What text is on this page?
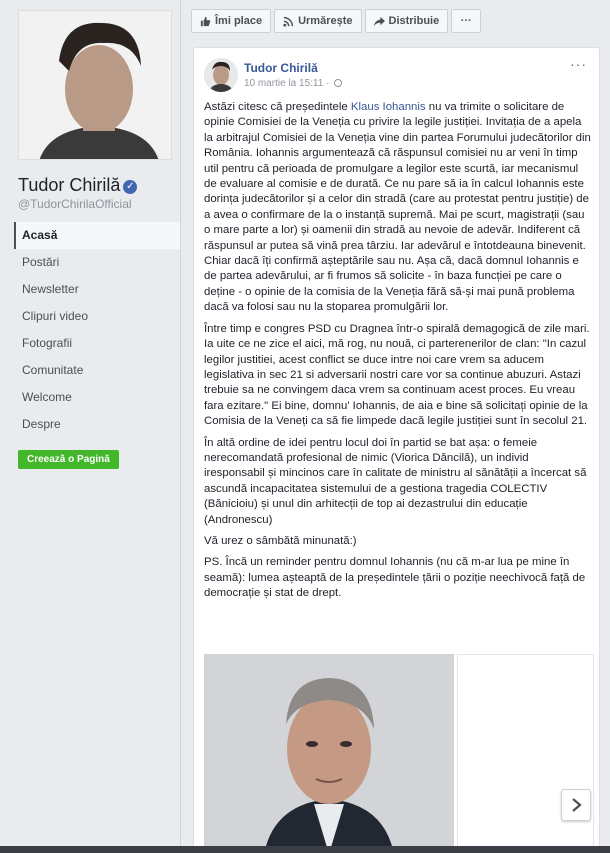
Tudor Chirilă ✓
@TudorChirilaOfficial
Acasă
Postări
Newsletter
Clipuri video
Fotografii
Comunitate
Welcome
Despre
Creează o Pagină
Îmi place	Urmărește	Distribuie	···
Tudor Chirilă
10 martie la 15:11 ·
···

Astăzi citesc că președintele Klaus Iohannis nu va trimite o solicitare de opinie Comisiei de la Veneția cu privire la legile justiției. Invitația de a apela la arbitrajul Comisiei de la Veneția vine din partea Forumului judecătorilor din România. Iohannis argumentează că răspunsul comisiei nu ar veni în timp util pentru că perioada de promulgare a legilor este scurtă, iar mecanismul de evaluare al comisie e de durată. Ce nu pare să ia în calcul Iohannis este dorința judecătorilor și a celor din stradă (care au protestat pentru justiție) de a avea o confirmare de la o instanță supremă. Mai pe scurt, magistrații (sau o mare parte a lor) și oamenii din stradă au nevoie de adevăr. Indiferent că răspunsul ar putea să vină prea târziu. Iar adevărul e întotdeauna binevenit. Chiar dacă îți confirmă așteptările sau nu. Așa că, dacă domnul Iohannis e de partea adevărului, ar fi frumos să solicite - în baza funcției pe care o deține - o opinie de la comisia de la Veneția fără să-și mai pună problema dacă va folosi sau nu la stoparea promulgării lor.

Între timp e congres PSD cu Dragnea într-o spirală demagogică de zile mari. Ia uite ce ne zice el aici, mă rog, nu nouă, ci parterenerilor de clan: "In cazul legilor justitiei, acest conflict se duce intre noi care vrem sa aducem legislativa in sec 21 si adversarii nostri care vor sa continue abuzuri. Astazi trebuie sa ne convingem daca vrem sa continuam acest proces. Eu vreau fara ezitare." Ei bine, domnu' Iohannis, de aia e bine să solicitați opinie de la Comisia de la Veneți ca să fie limpede dacă legile justiției sunt în secolul 21.

În altă ordine de idei pentru locul doi în partid se bat așa: o femeie nerecomandată profesional de nimic (Viorica Dăncilă), un individ iresponsabil și mincinos care în calitate de ministru al sănătății a încercat să ascundă incapacitatea sistemului de a gestiona tragedia COLECTIV (Bănicioiu) și unul din arhitecții de top ai dezastrului din educație (Andronescu)

Vă urez o sâmbătă minunată:)

PS. Încă un reminder pentru domnul Iohannis (nu că m-ar lua pe mine în seamă): lumea așteaptă de la președintele țării o poziție neechivocă față de democrație și stat de drept.
